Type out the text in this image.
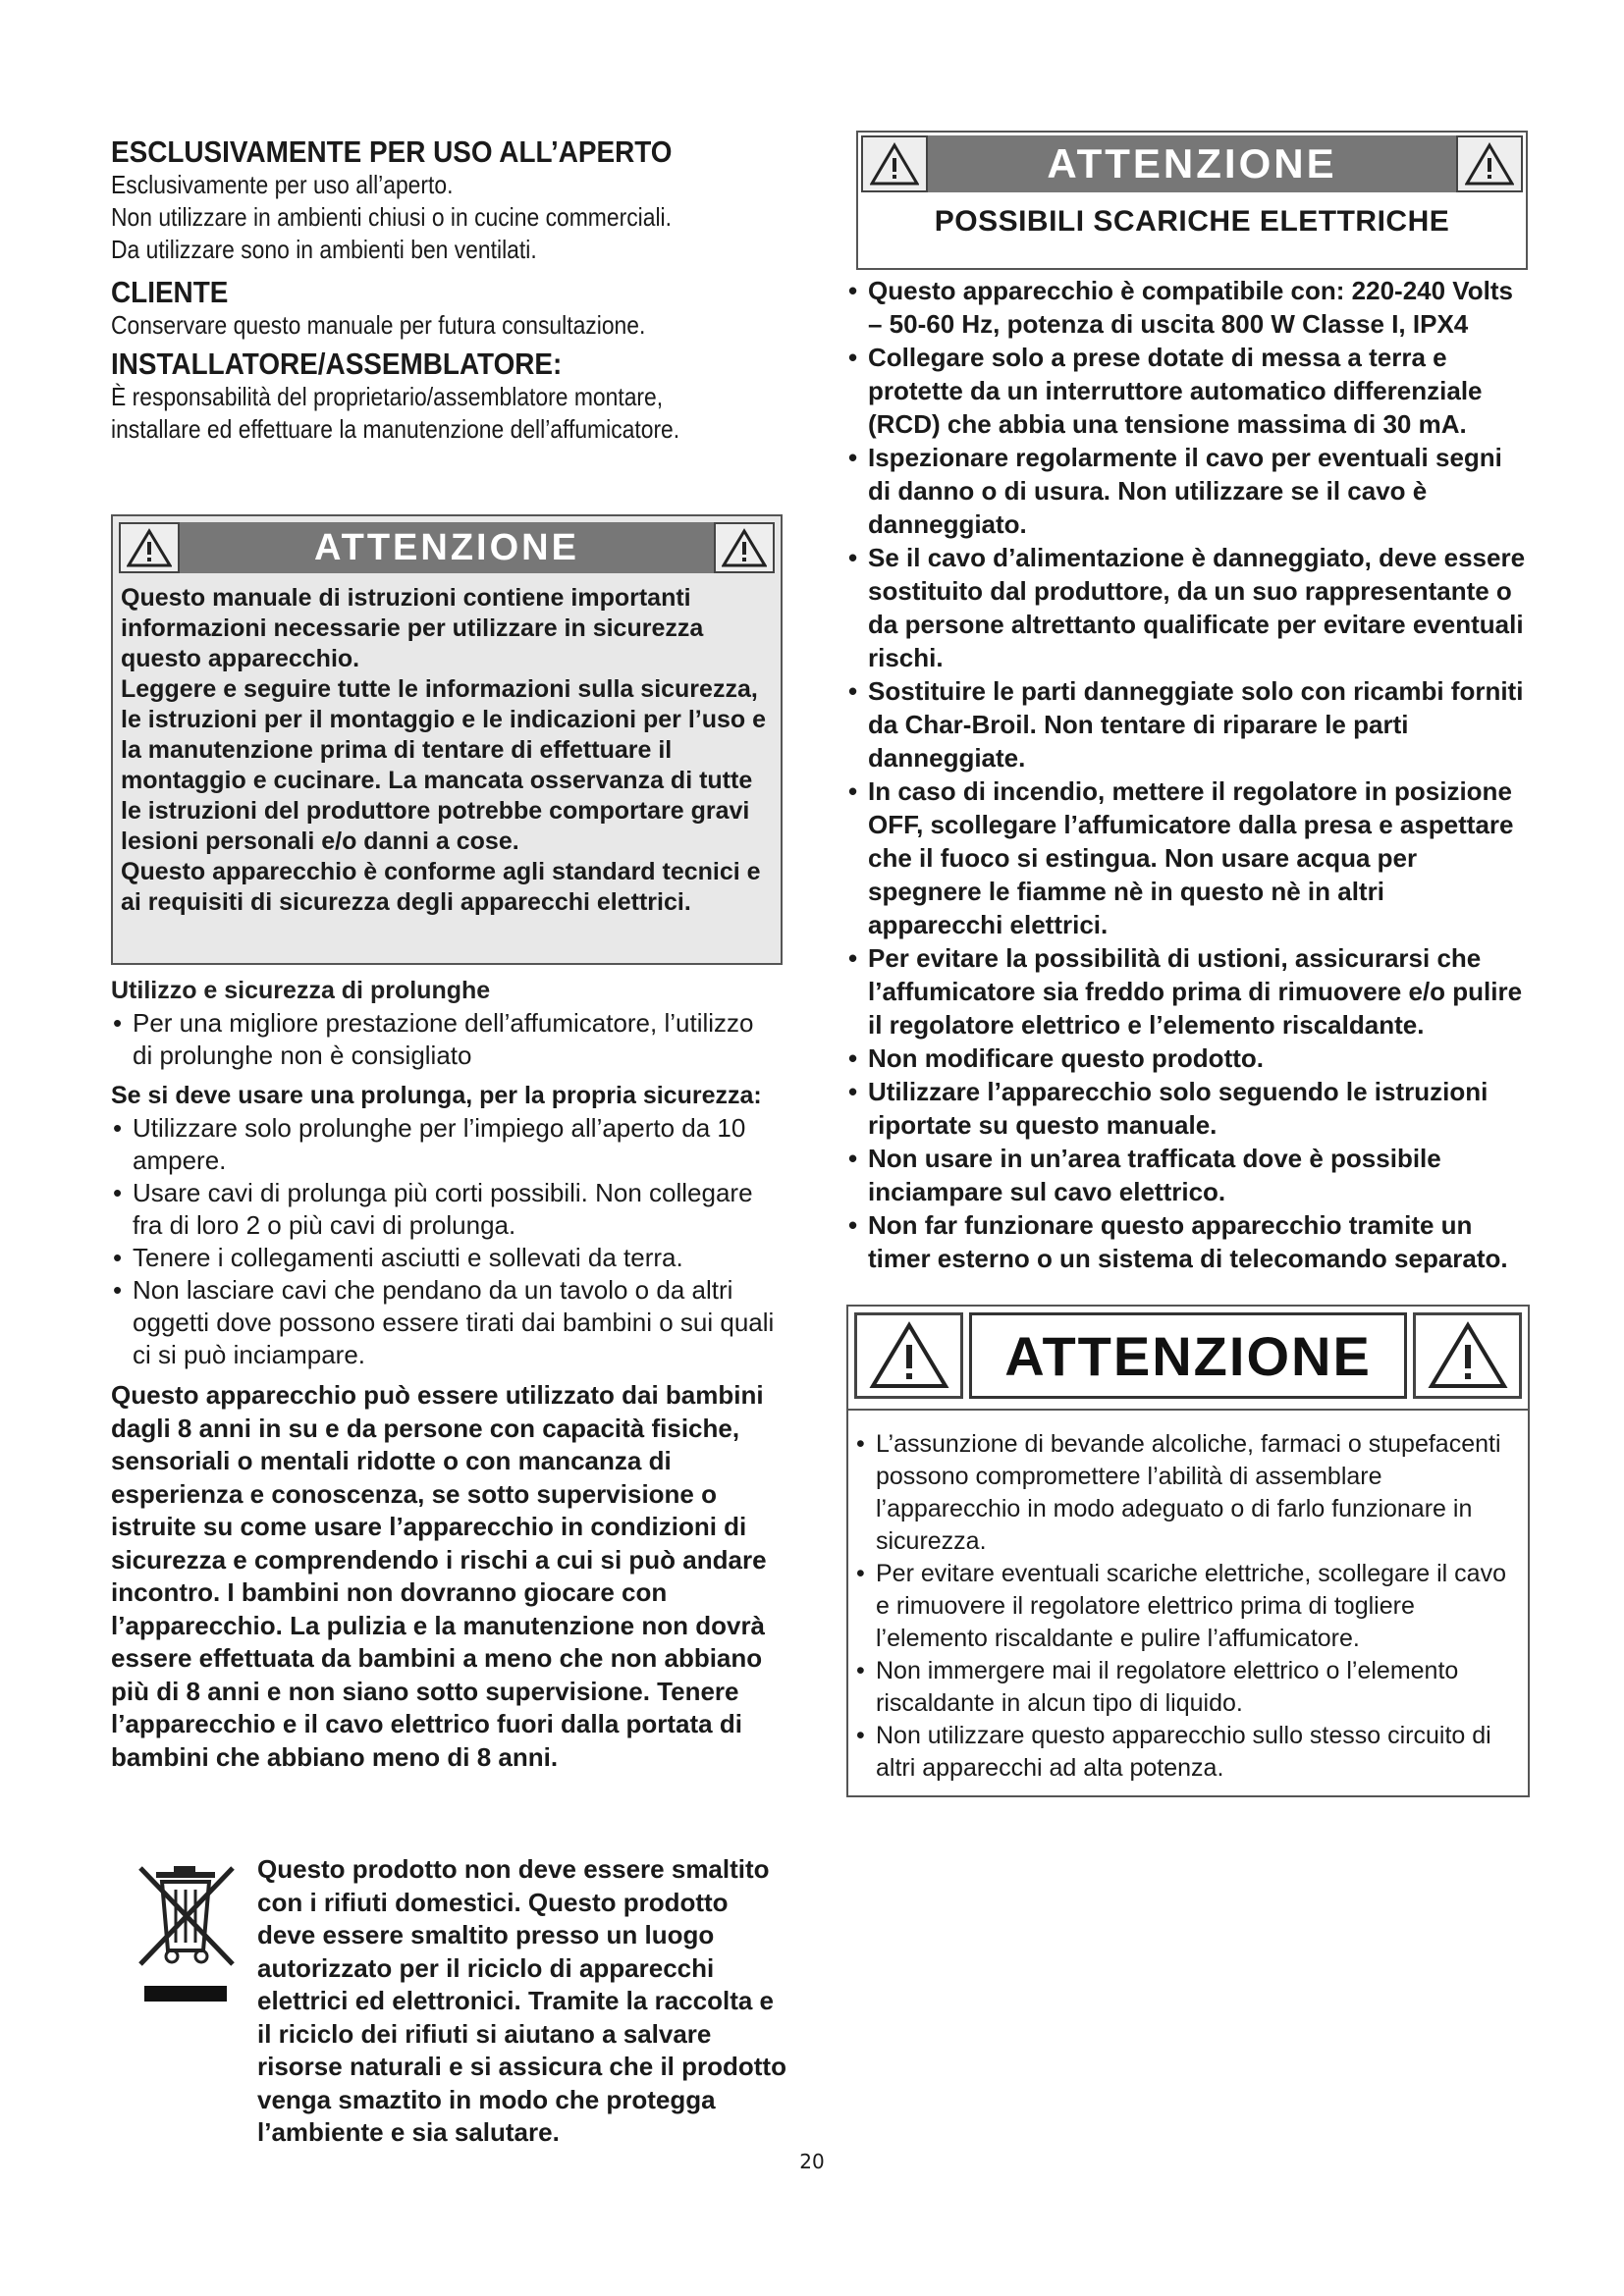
ESCLUSIVAMENTE PER USO ALL’APERTO

Esclusivamente per uso all’aperto.

Non utilizzare in ambienti chiusi o in cucine commerciali.

Da utilizzare sono in ambienti ben ventilati.

CLIENTE

Conservare questo manuale per futura consultazione.

INSTALLATORE/ASSEMBLATORE:

È responsabilità del proprietario/assemblatore montare,

installare ed effettuare la manutenzione dell’affumicatore.

ATTENZIONE

Questo manuale di istruzioni contiene importanti informazioni necessarie per utilizzare in sicurezza questo apparecchio.

Leggere e seguire tutte le informazioni sulla sicurezza, le istruzioni per il montaggio e le indicazioni per l’uso e la manutenzione prima di tentare di effettuare il montaggio e cucinare. La mancata osservanza di tutte le istruzioni del produttore potrebbe comportare gravi lesioni personali e/o danni a cose.

Questo apparecchio è conforme agli standard tecnici e ai requisiti di sicurezza degli apparecchi elettrici.

Utilizzo e sicurezza di prolunghe

• Per una migliore prestazione dell’affumicatore, l’utilizzo di prolunghe non è consigliato

Se si deve usare una prolunga, per la propria sicurezza:

• Utilizzare solo prolunghe per l’impiego all’aperto da 10 ampere.
• Usare cavi di prolunga più corti possibili. Non collegare fra di loro 2 o più cavi di prolunga.
• Tenere i collegamenti asciutti e sollevati da terra.
• Non lasciare cavi che pendano da un tavolo o da altri oggetti dove possono essere tirati dai bambini o sui quali ci si può inciampare.

Questo apparecchio può essere utilizzato dai bambini dagli 8 anni in su e da persone con capacità fisiche, sensoriali o mentali ridotte o con mancanza di esperienza e conoscenza, se sotto supervisione o istruite su come usare l’apparecchio in condizioni di sicurezza e comprendendo i rischi a cui si può andare incontro. I bambini non dovranno giocare con l’apparecchio. La pulizia e la manutenzione non dovrà essere effettuata da bambini a meno che non abbiano più di 8 anni e non siano sotto supervisione. Tenere l’apparecchio e il cavo elettrico fuori dalla portata di bambini che abbiano meno di 8 anni.

Questo prodotto non deve essere smaltito con i rifiuti domestici. Questo prodotto deve essere smaltito presso un luogo autorizzato per il riciclo di apparecchi elettrici ed elettronici. Tramite la raccolta e il riciclo dei rifiuti si aiutano a salvare risorse naturali e si assicura che il prodotto venga smaztito in modo che protegga l’ambiente e sia salutare.

ATTENZIONE
POSSIBILI SCARICHE ELETTRICHE
• Questo apparecchio è compatibile con: 220-240 Volts – 50-60 Hz, potenza di uscita 800 W Classe I, IPX4
• Collegare solo a prese dotate di messa a terra e protette da un interruttore automatico differenziale (RCD) che abbia una tensione massima di 30 mA.
• Ispezionare regolarmente il cavo per eventuali segni di danno o di usura. Non utilizzare se il cavo è danneggiato.
• Se il cavo d’alimentazione è danneggiato, deve essere sostituito dal produttore, da un suo rappresentante o da persone altrettanto qualificate per evitare eventuali rischi.
• Sostituire le parti danneggiate solo con ricambi forniti da Char-Broil. Non tentare di riparare le parti danneggiate.
• In caso di incendio, mettere il regolatore in posizione OFF, scollegare l’affumicatore dalla presa e aspettare che il fuoco si estingua. Non usare acqua per spegnere le fiamme nè in questo nè in altri apparecchi elettrici.
• Per evitare la possibilità di ustioni, assicurarsi che l’affumicatore sia freddo prima di rimuovere e/o pulire il regolatore elettrico e l’elemento riscaldante.
• Non modificare questo prodotto.
• Utilizzare l’apparecchio solo seguendo le istruzioni riportate su questo manuale.
• Non usare in un’area trafficata dove è possibile inciampare sul cavo elettrico.
• Non far funzionare questo apparecchio tramite un timer esterno o un sistema di telecomando separato.
ATTENZIONE
• L’assunzione di bevande alcoliche, farmaci o stupefacenti possono compromettere l’abilità di assemblare l’apparecchio in modo adeguato o di farlo funzionare in sicurezza.
• Per evitare eventuali scariche elettriche, scollegare il cavo e rimuovere il regolatore elettrico prima di togliere l’elemento riscaldante e pulire l’affumicatore.
• Non immergere mai il regolatore elettrico o l’elemento riscaldante in alcun tipo di liquido.
• Non utilizzare questo apparecchio sullo stesso circuito di altri apparecchi ad alta potenza.
20
